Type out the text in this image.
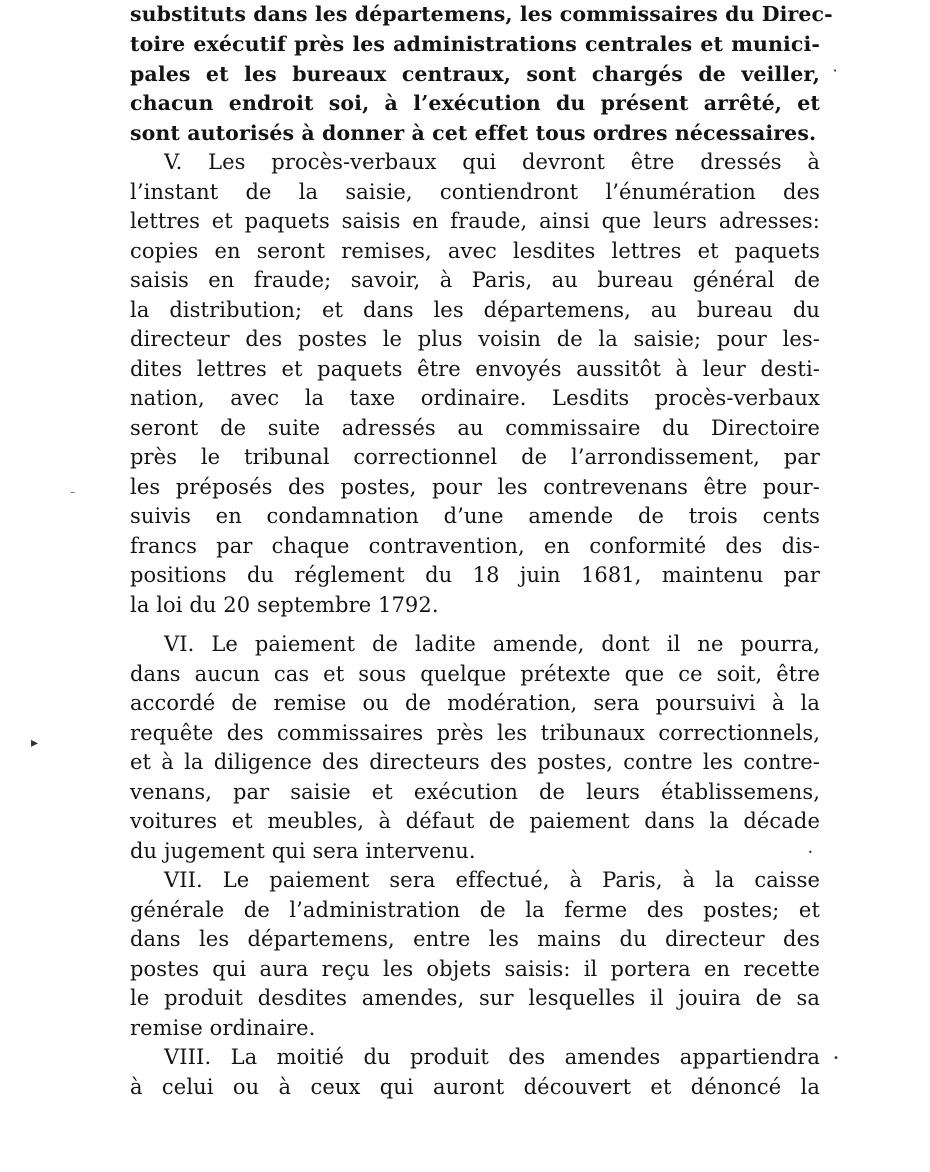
substituts dans les départemens, les commissaires du Direc-
toire exécutif près les administrations centrales et munici-
pales et les bureaux centraux, sont chargés de veiller,
chacun endroit soi, à l’exécution du présent arrêté, et
sont autorisés à donner à cet effet tous ordres nécessaires.
V. Les procès-verbaux qui devront être dressés à
l’instant de la saisie, contiendront l’énumération des
lettres et paquets saisis en fraude, ainsi que leurs adresses:
copies en seront remises, avec lesdites lettres et paquets
saisis en fraude; savoir, à Paris, au bureau général de
la distribution; et dans les départemens, au bureau du
directeur des postes le plus voisin de la saisie; pour les-
dites lettres et paquets être envoyés aussitôt à leur desti-
nation, avec la taxe ordinaire. Lesdits procès-verbaux
seront de suite adressés au commissaire du Directoire
près le tribunal correctionnel de l’arrondissement, par
les préposés des postes, pour les contrevenans être pour-
suivis en condamnation d’une amende de trois cents
francs par chaque contravention, en conformité des dis-
positions du réglement du 18 juin 1681, maintenu par
la loi du 20 septembre 1792.
VI. Le paiement de ladite amende, dont il ne pourra,
dans aucun cas et sous quelque prétexte que ce soit, être
accordé de remise ou de modération, sera poursuivi à la
requête des commissaires près les tribunaux correctionnels,
et à la diligence des directeurs des postes, contre les contre-
venans, par saisie et exécution de leurs établissemens,
voitures et meubles, à défaut de paiement dans la décade
du jugement qui sera intervenu.
VII. Le paiement sera effectué, à Paris, à la caisse
générale de l’administration de la ferme des postes; et
dans les départemens, entre les mains du directeur des
postes qui aura reçu les objets saisis: il portera en recette
le produit desdites amendes, sur lesquelles il jouira de sa
remise ordinaire.
VIII. La moitié du produit des amendes appartiendra
à celui ou à ceux qui auront découvert et dénoncé la
▸
–
•
•
•
